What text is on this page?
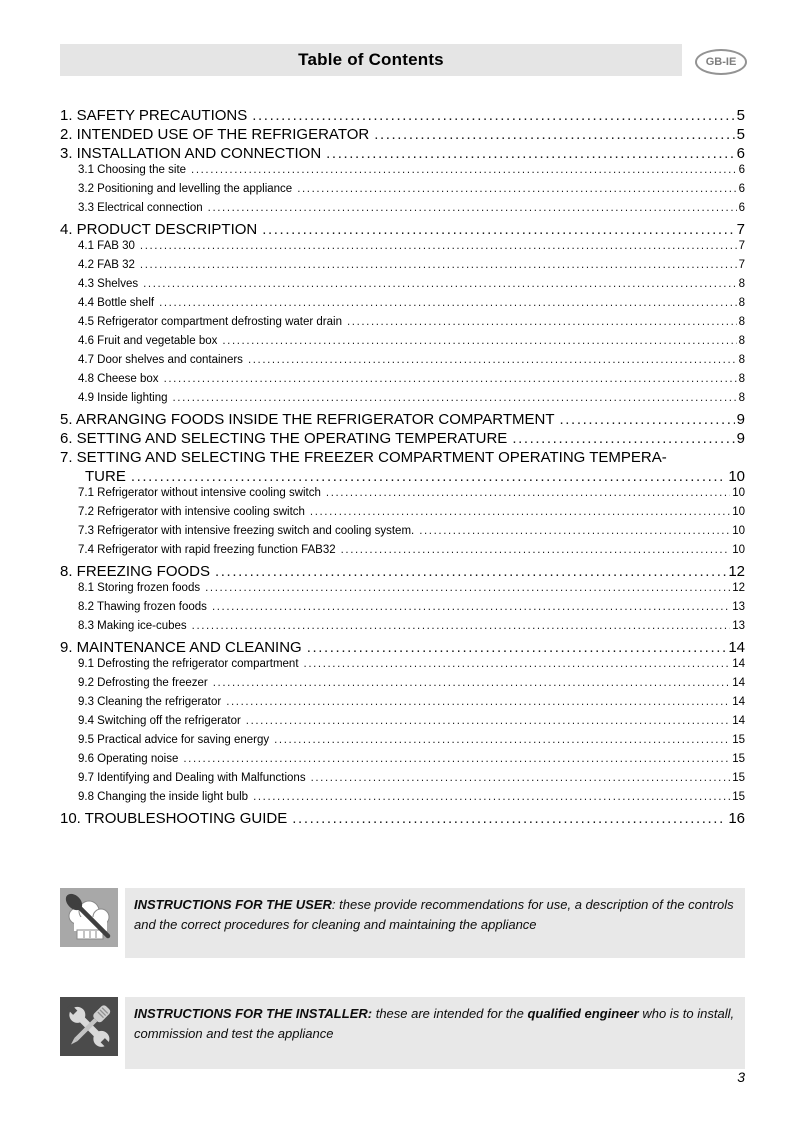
Table of Contents	GB-IE
1. SAFETY PRECAUTIONS .....	5
2. INTENDED USE OF THE REFRIGERATOR .....	5
3. INSTALLATION AND CONNECTION .....	6
3.1 Choosing the site .....	6
3.2 Positioning and levelling the appliance .....	6
3.3 Electrical connection .....	6
4. PRODUCT DESCRIPTION .....	7
4.1 FAB 30 .....	7
4.2 FAB 32 .....	7
4.3 Shelves .....	8
4.4 Bottle shelf .....	8
4.5 Refrigerator compartment defrosting water drain .....	8
4.6 Fruit and vegetable box .....	8
4.7 Door shelves and containers .....	8
4.8 Cheese box .....	8
4.9 Inside lighting .....	8
5. ARRANGING FOODS INSIDE THE REFRIGERATOR COMPARTMENT .....	9
6. SETTING AND SELECTING THE OPERATING TEMPERATURE .....	9
7. SETTING AND SELECTING THE FREEZER COMPARTMENT OPERATING TEMPERA-
TURE .....	10
7.1 Refrigerator without intensive cooling switch .....	10
7.2 Refrigerator with intensive cooling switch .....	10
7.3 Refrigerator with intensive freezing switch and cooling system. .....	10
7.4 Refrigerator with rapid freezing function FAB32 .....	10
8. FREEZING FOODS .....	12
8.1 Storing frozen foods .....	12
8.2 Thawing frozen foods .....	13
8.3 Making ice-cubes .....	13
9. MAINTENANCE AND CLEANING .....	14
9.1 Defrosting the refrigerator compartment .....	14
9.2 Defrosting the freezer .....	14
9.3 Cleaning the refrigerator .....	14
9.4 Switching off the refrigerator .....	14
9.5 Practical advice for saving energy .....	15
9.6 Operating noise .....	15
9.7 Identifying and Dealing with Malfunctions .....	15
9.8 Changing the inside light bulb .....	15
10. TROUBLESHOOTING GUIDE .....	16

INSTRUCTIONS FOR THE USER: these provide recommendations for use, a description of the controls and the correct procedures for cleaning and maintaining the appliance

INSTRUCTIONS FOR THE INSTALLER: these are intended for the qualified engineer who is to install, commission and test the appliance

3
